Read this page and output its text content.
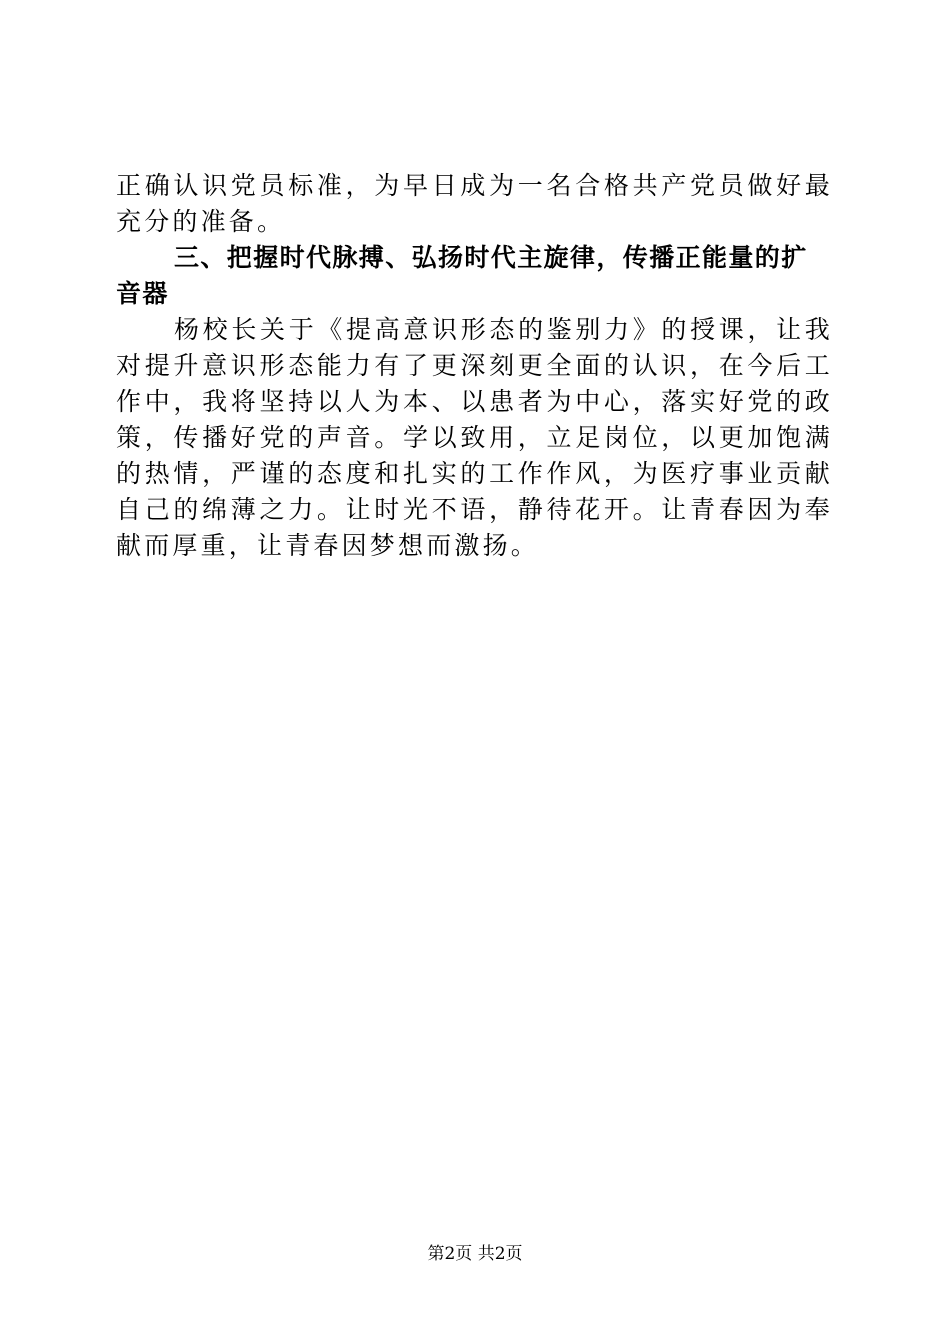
正确认识党员标准，为早日成为一名合格共产党员做好最充分的准备。

三、把握时代脉搏、弘扬时代主旋律，传播正能量的扩音器

杨校长关于《提高意识形态的鉴别力》的授课，让我对提升意识形态能力有了更深刻更全面的认识，在今后工作中，我将坚持以人为本、以患者为中心，落实好党的政策，传播好党的声音。学以致用，立足岗位，以更加饱满的热情，严谨的态度和扎实的工作作风，为医疗事业贡献自己的绵薄之力。让时光不语，静待花开。让青春因为奉献而厚重，让青春因梦想而激扬。

第2页 共2页
